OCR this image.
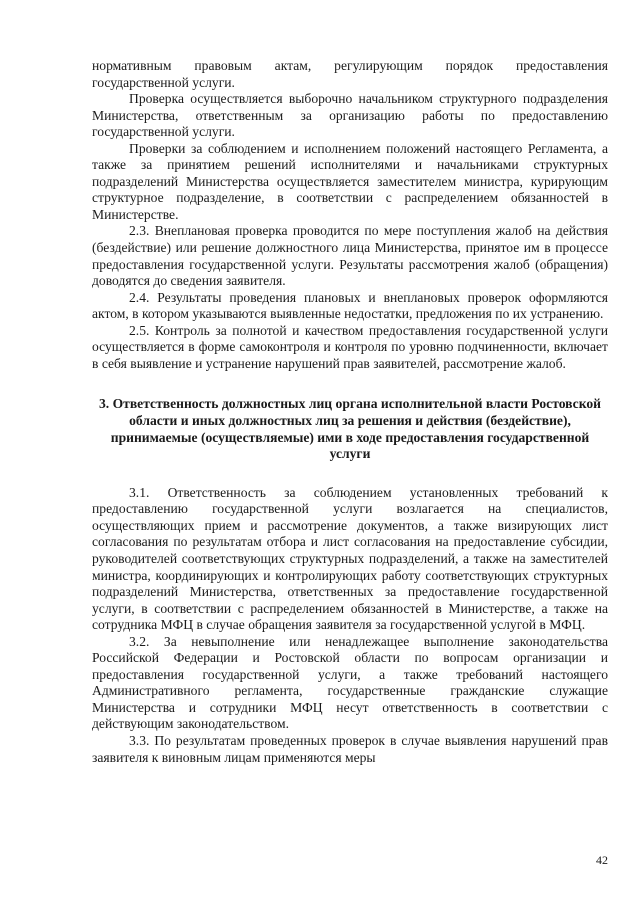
нормативным правовым актам, регулирующим порядок предоставления государственной услуги.

Проверка осуществляется выборочно начальником структурного подразделения Министерства, ответственным за организацию работы по предоставлению государственной услуги.

Проверки за соблюдением и исполнением положений настоящего Регламента, а также за принятием решений исполнителями и начальниками структурных подразделений Министерства осуществляется заместителем министра, курирующим структурное подразделение, в соответствии с распределением обязанностей в Министерстве.

2.3. Внеплановая проверка проводится по мере поступления жалоб на действия (бездействие) или решение должностного лица Министерства, принятое им в процессе предоставления государственной услуги. Результаты рассмотрения жалоб (обращения) доводятся до сведения заявителя.

2.4. Результаты проведения плановых и внеплановых проверок оформляются актом, в котором указываются выявленные недостатки, предложения по их устранению.

2.5. Контроль за полнотой и качеством предоставления государственной услуги осуществляется в форме самоконтроля и контроля по уровню подчиненности, включает в себя выявление и устранение нарушений прав заявителей, рассмотрение жалоб.

3. Ответственность должностных лиц органа исполнительной власти Ростовской области и иных должностных лиц за решения и действия (бездействие), принимаемые (осуществляемые) ими в ходе предоставления государственной услуги

3.1. Ответственность за соблюдением установленных требований к предоставлению государственной услуги возлагается на специалистов, осуществляющих прием и рассмотрение документов, а также визирующих лист согласования по результатам отбора и лист согласования на предоставление субсидии, руководителей соответствующих структурных подразделений, а также на заместителей министра, координирующих и контролирующих работу соответствующих структурных подразделений Министерства, ответственных за предоставление государственной услуги, в соответствии с распределением обязанностей в Министерстве, а также на сотрудника МФЦ в случае обращения заявителя за государственной услугой в МФЦ.

3.2. За невыполнение или ненадлежащее выполнение законодательства Российской Федерации и Ростовской области по вопросам организации и предоставления государственной услуги, а также требований настоящего Административного регламента, государственные гражданские служащие Министерства и сотрудники МФЦ несут ответственность в соответствии с действующим законодательством.

3.3. По результатам проведенных проверок в случае выявления нарушений прав заявителя к виновным лицам применяются меры

42
